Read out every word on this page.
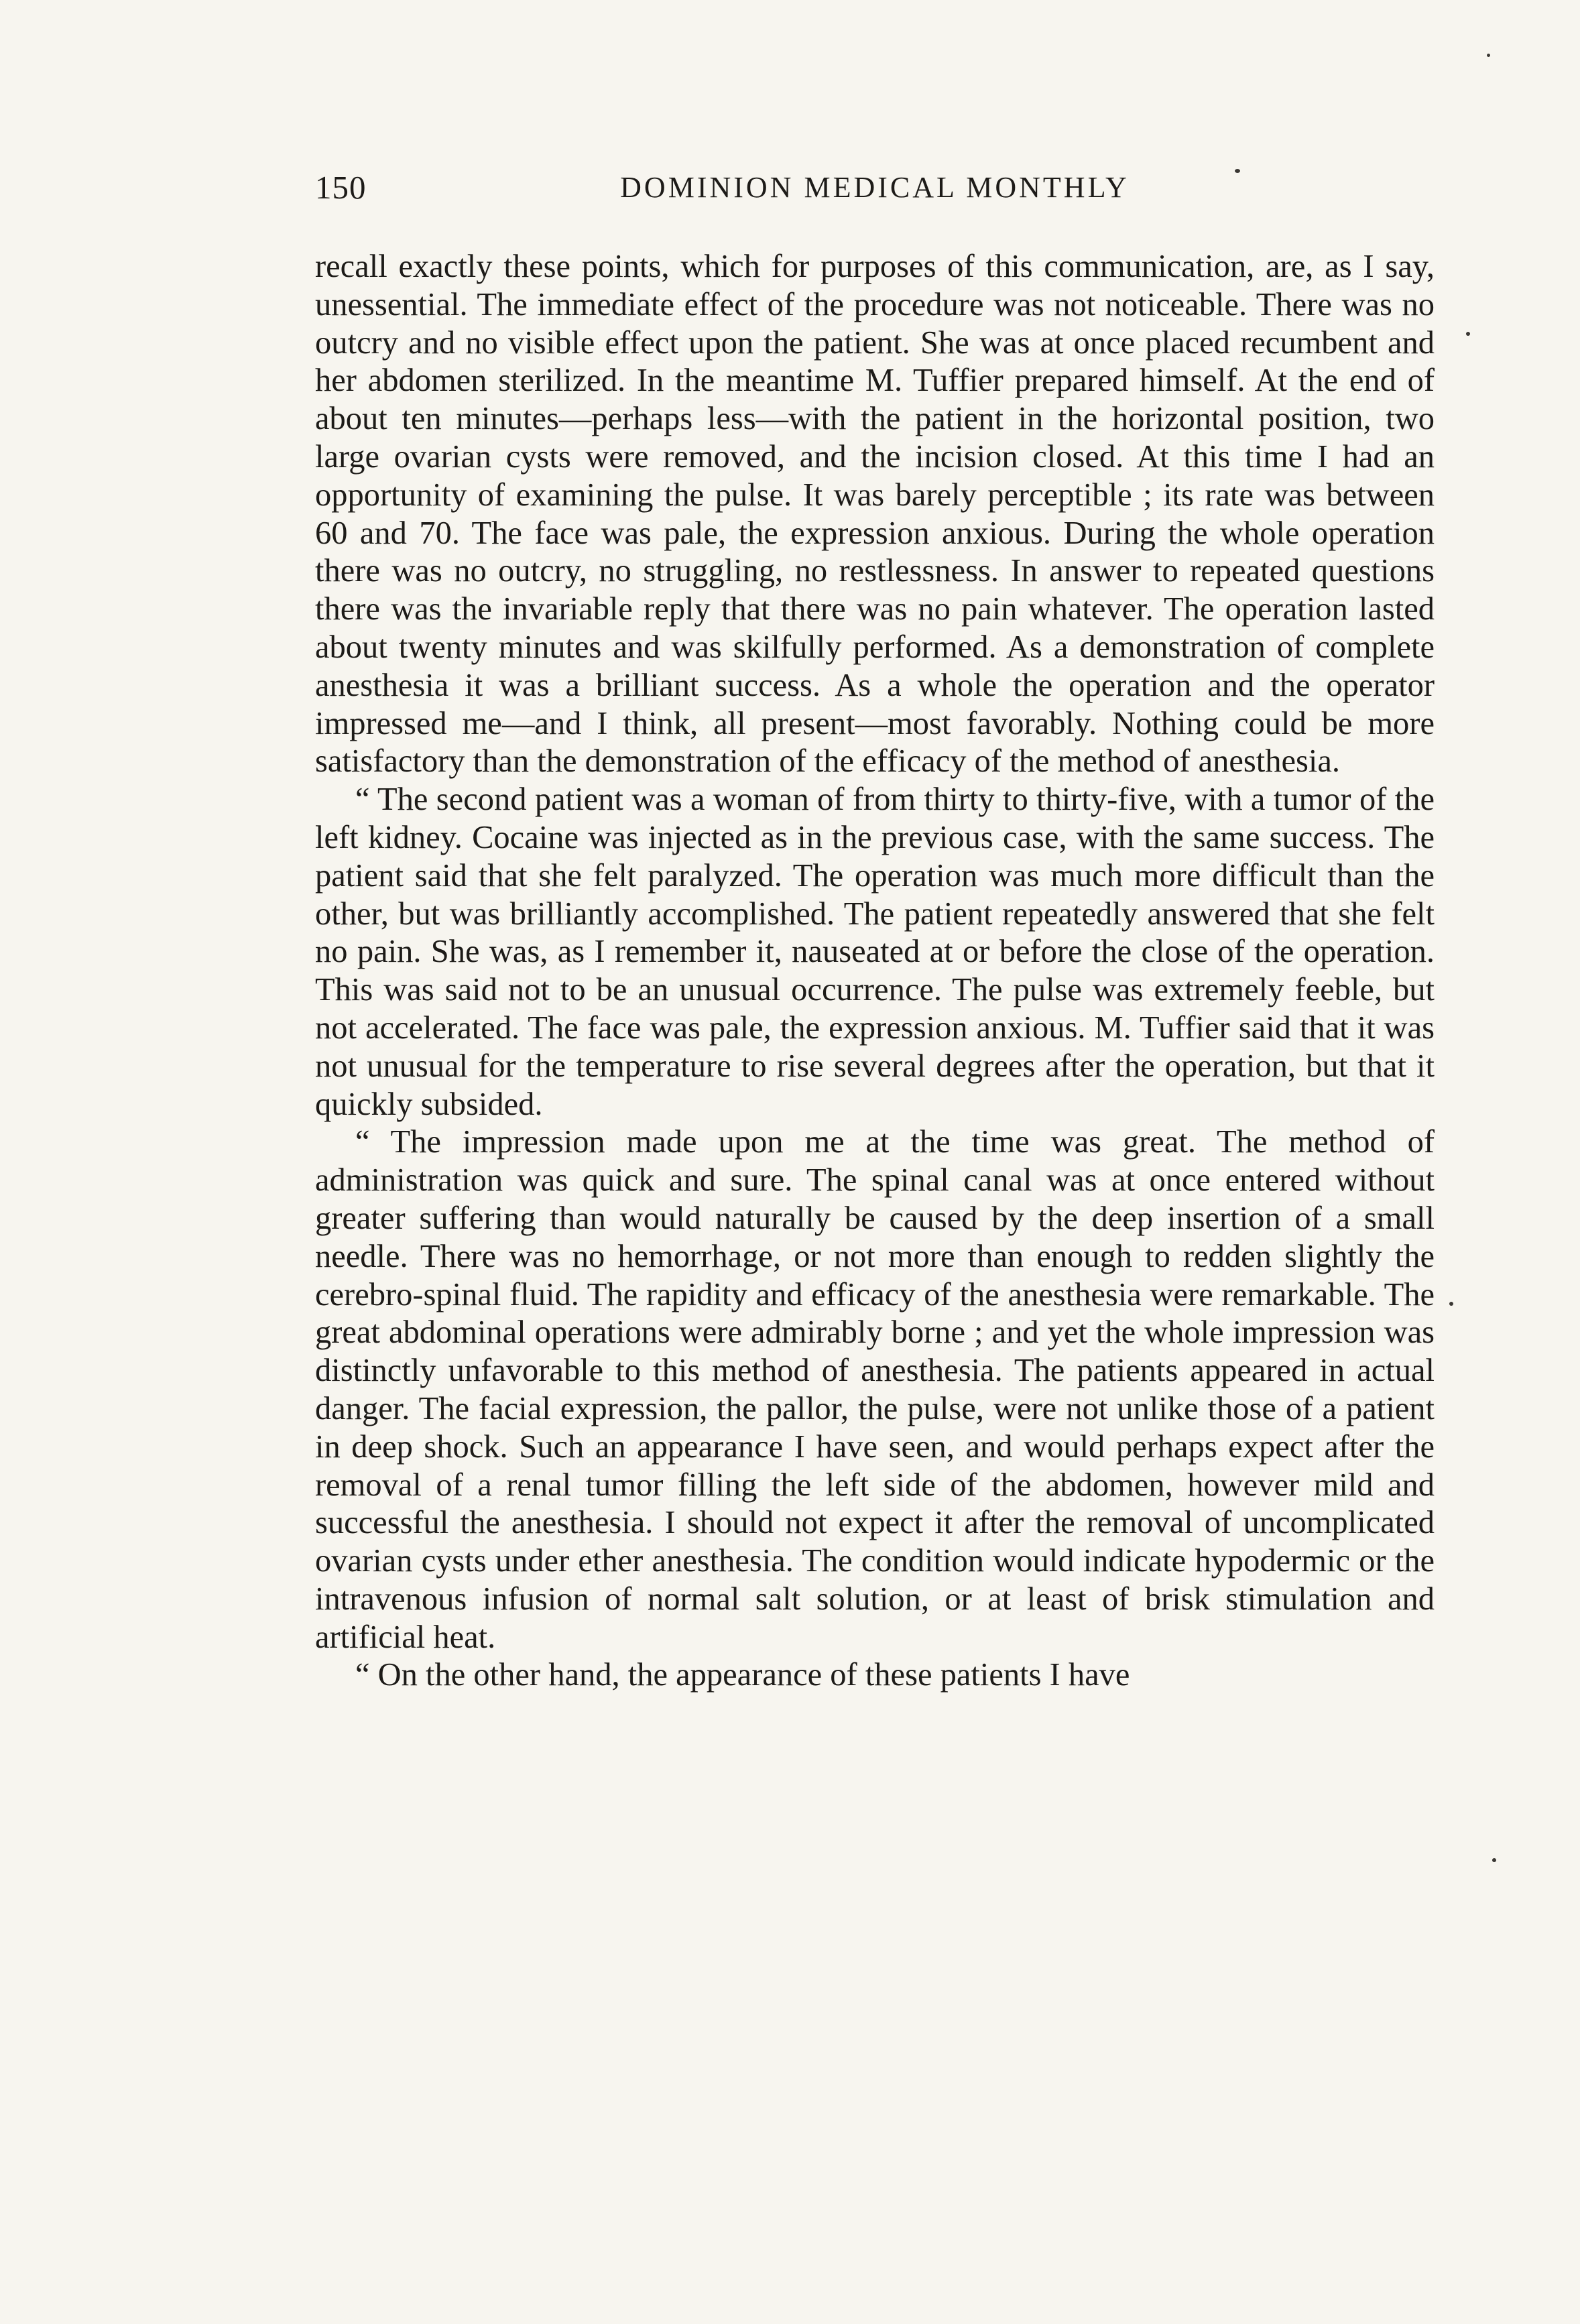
150	DOMINION MEDICAL MONTHLY

recall exactly these points, which for purposes of this communication, are, as I say, unessential. The immediate effect of the procedure was not noticeable. There was no outcry and no visible effect upon the patient. She was at once placed recumbent and her abdomen sterilized. In the meantime M. Tuffier prepared himself. At the end of about ten minutes—perhaps less—with the patient in the horizontal position, two large ovarian cysts were removed, and the incision closed. At this time I had an opportunity of examining the pulse. It was barely perceptible ; its rate was between 60 and 70. The face was pale, the expression anxious. During the whole operation there was no outcry, no struggling, no restlessness. In answer to repeated questions there was the invariable reply that there was no pain whatever. The operation lasted about twenty minutes and was skilfully performed. As a demonstration of complete anesthesia it was a brilliant success. As a whole the operation and the operator impressed me—and I think, all present—most favorably. Nothing could be more satisfactory than the demonstration of the efficacy of the method of anesthesia.

“ The second patient was a woman of from thirty to thirty-five, with a tumor of the left kidney. Cocaine was injected as in the previous case, with the same success. The patient said that she felt paralyzed. The operation was much more difficult than the other, but was brilliantly accomplished. The patient repeatedly answered that she felt no pain. She was, as I remember it, nauseated at or before the close of the operation. This was said not to be an unusual occurrence. The pulse was extremely feeble, but not accelerated. The face was pale, the expression anxious. M. Tuffier said that it was not unusual for the temperature to rise several degrees after the operation, but that it quickly subsided.

“ The impression made upon me at the time was great. The method of administration was quick and sure. The spinal canal was at once entered without greater suffering than would naturally be caused by the deep insertion of a small needle. There was no hemorrhage, or not more than enough to redden slightly the cerebro-spinal fluid. The rapidity and efficacy of the anesthesia were remarkable. The great abdominal operations were admirably borne ; and yet the whole impression was distinctly unfavorable to this method of anesthesia. The patients appeared in actual danger. The facial expression, the pallor, the pulse, were not unlike those of a patient in deep shock. Such an appearance I have seen, and would perhaps expect after the removal of a renal tumor filling the left side of the abdomen, however mild and successful the anesthesia. I should not expect it after the removal of uncomplicated ovarian cysts under ether anesthesia. The condition would indicate hypodermic or the intravenous infusion of normal salt solution, or at least of brisk stimulation and artificial heat.

“ On the other hand, the appearance of these patients I have
